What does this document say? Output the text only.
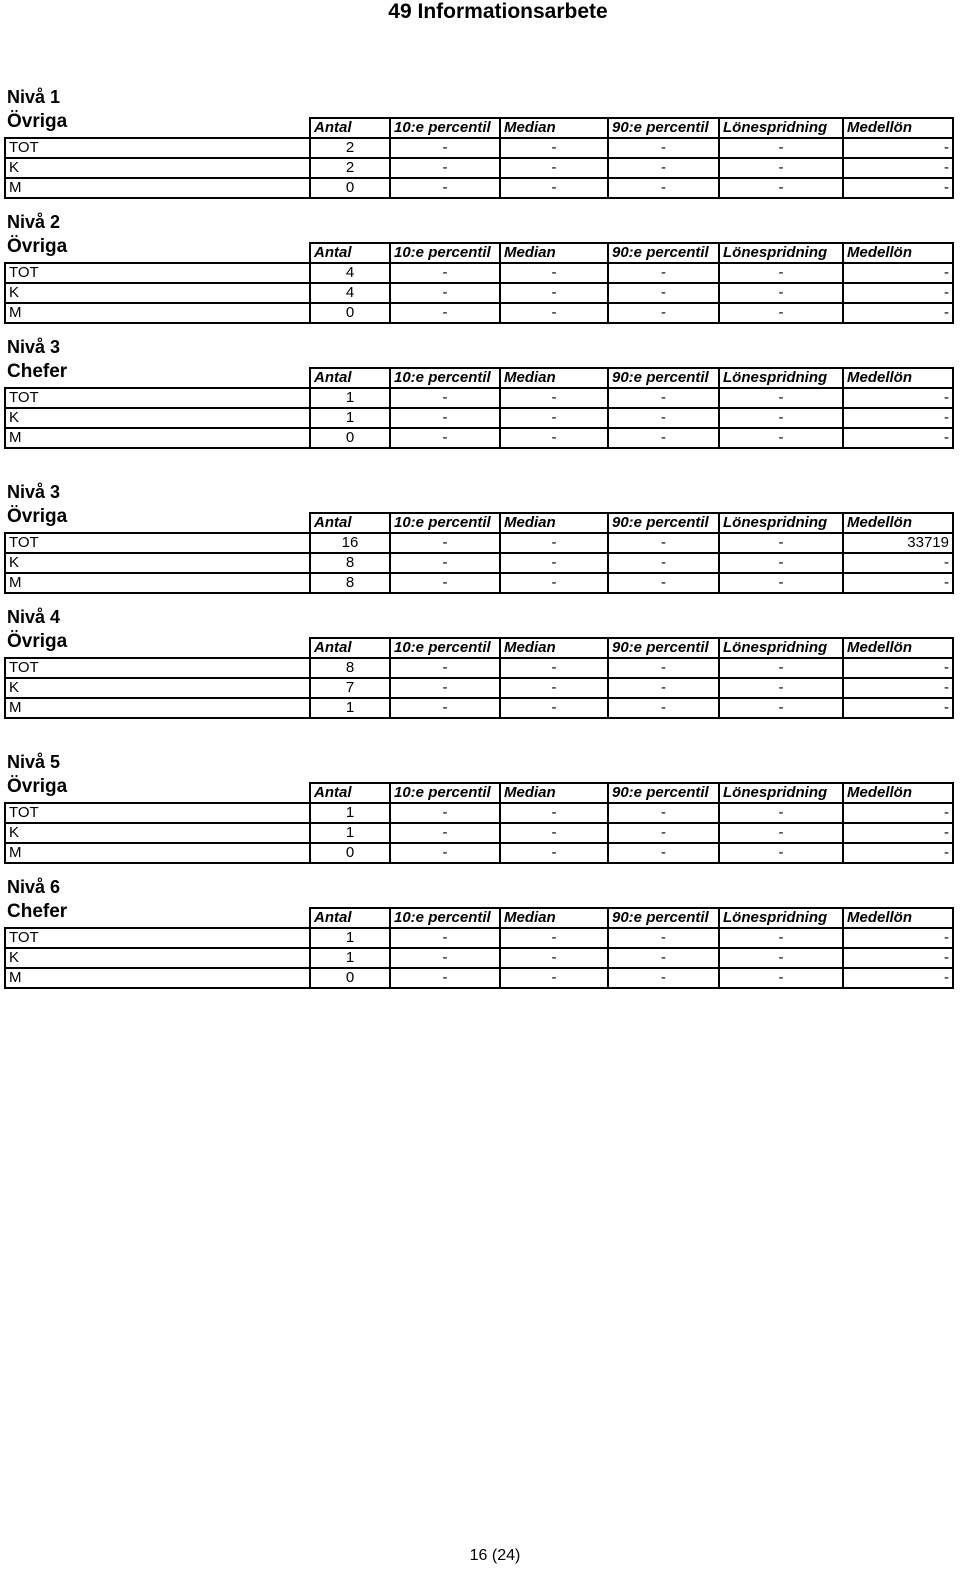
49 Informationsarbete
Nivå 1
Övriga
		Antal	10:e percentil	Median	90:e percentil	Lönespridning	Medellön
TOT	2	-	-	-	-	-
K	2	-	-	-	-	-
M	0	-	-	-	-	-
Nivå 2
Övriga
		Antal	10:e percentil	Median	90:e percentil	Lönespridning	Medellön
TOT	4	-	-	-	-	-
K	4	-	-	-	-	-
M	0	-	-	-	-	-
Nivå 3
Chefer
		Antal	10:e percentil	Median	90:e percentil	Lönespridning	Medellön
TOT	1	-	-	-	-	-
K	1	-	-	-	-	-
M	0	-	-	-	-	-
Nivå 3
Övriga
		Antal	10:e percentil	Median	90:e percentil	Lönespridning	Medellön
TOT	16	-	-	-	-	33719
K	8	-	-	-	-	-
M	8	-	-	-	-	-
Nivå 4
Övriga
		Antal	10:e percentil	Median	90:e percentil	Lönespridning	Medellön
TOT	8	-	-	-	-	-
K	7	-	-	-	-	-
M	1	-	-	-	-	-
Nivå 5
Övriga
		Antal	10:e percentil	Median	90:e percentil	Lönespridning	Medellön
TOT	1	-	-	-	-	-
K	1	-	-	-	-	-
M	0	-	-	-	-	-
Nivå 6
Chefer
		Antal	10:e percentil	Median	90:e percentil	Lönespridning	Medellön
TOT	1	-	-	-	-	-
K	1	-	-	-	-	-
M	0	-	-	-	-	-
16 (24)
